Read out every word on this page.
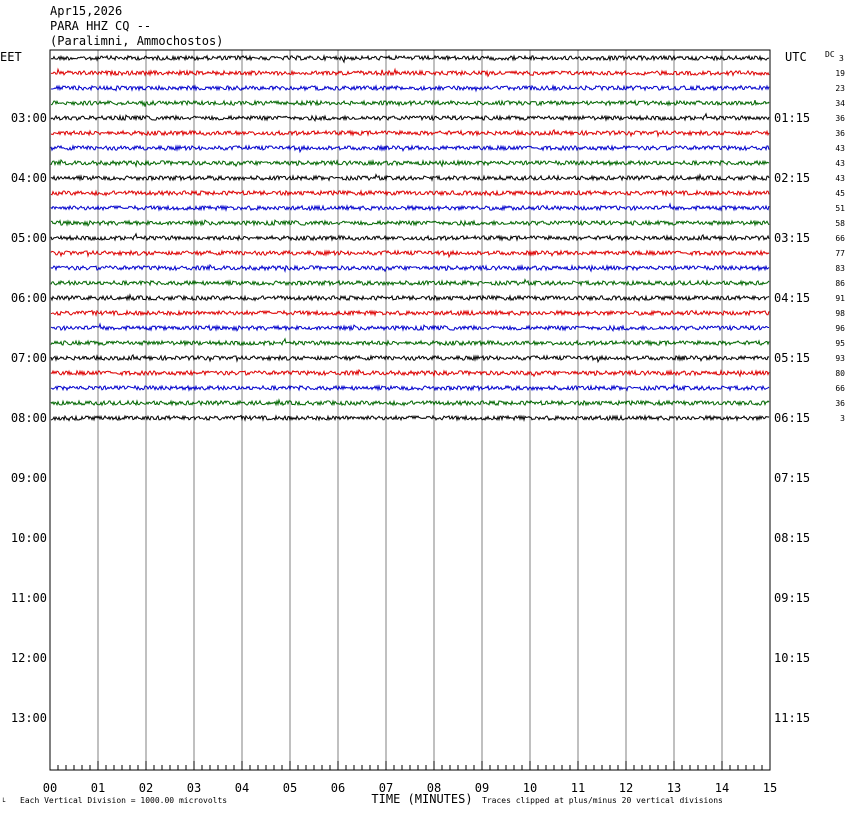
Apr15,2026
PARA HHZ CQ --
(Paralimni, Ammochostos)
00	01	02	03	04	05	06	07	08	09	10	11	12	13	14	15
03:00
04:00
05:00
06:00
07:00
08:00
09:00
10:00
11:00
12:00
13:00
01:15
02:15
03:15
04:15
05:15
06:15
07:15
08:15
09:15
10:15
11:15
EET	UTC DC 3
19
23
34
36
36
43
43
43
45
51
58
66
77
83
86
91
98
96
95
93
80
66
36
3
└ Each Vertical Division = 1000.00 microvolts	TIME (MINUTES) Traces clipped at plus/minus 20 vertical divisions
